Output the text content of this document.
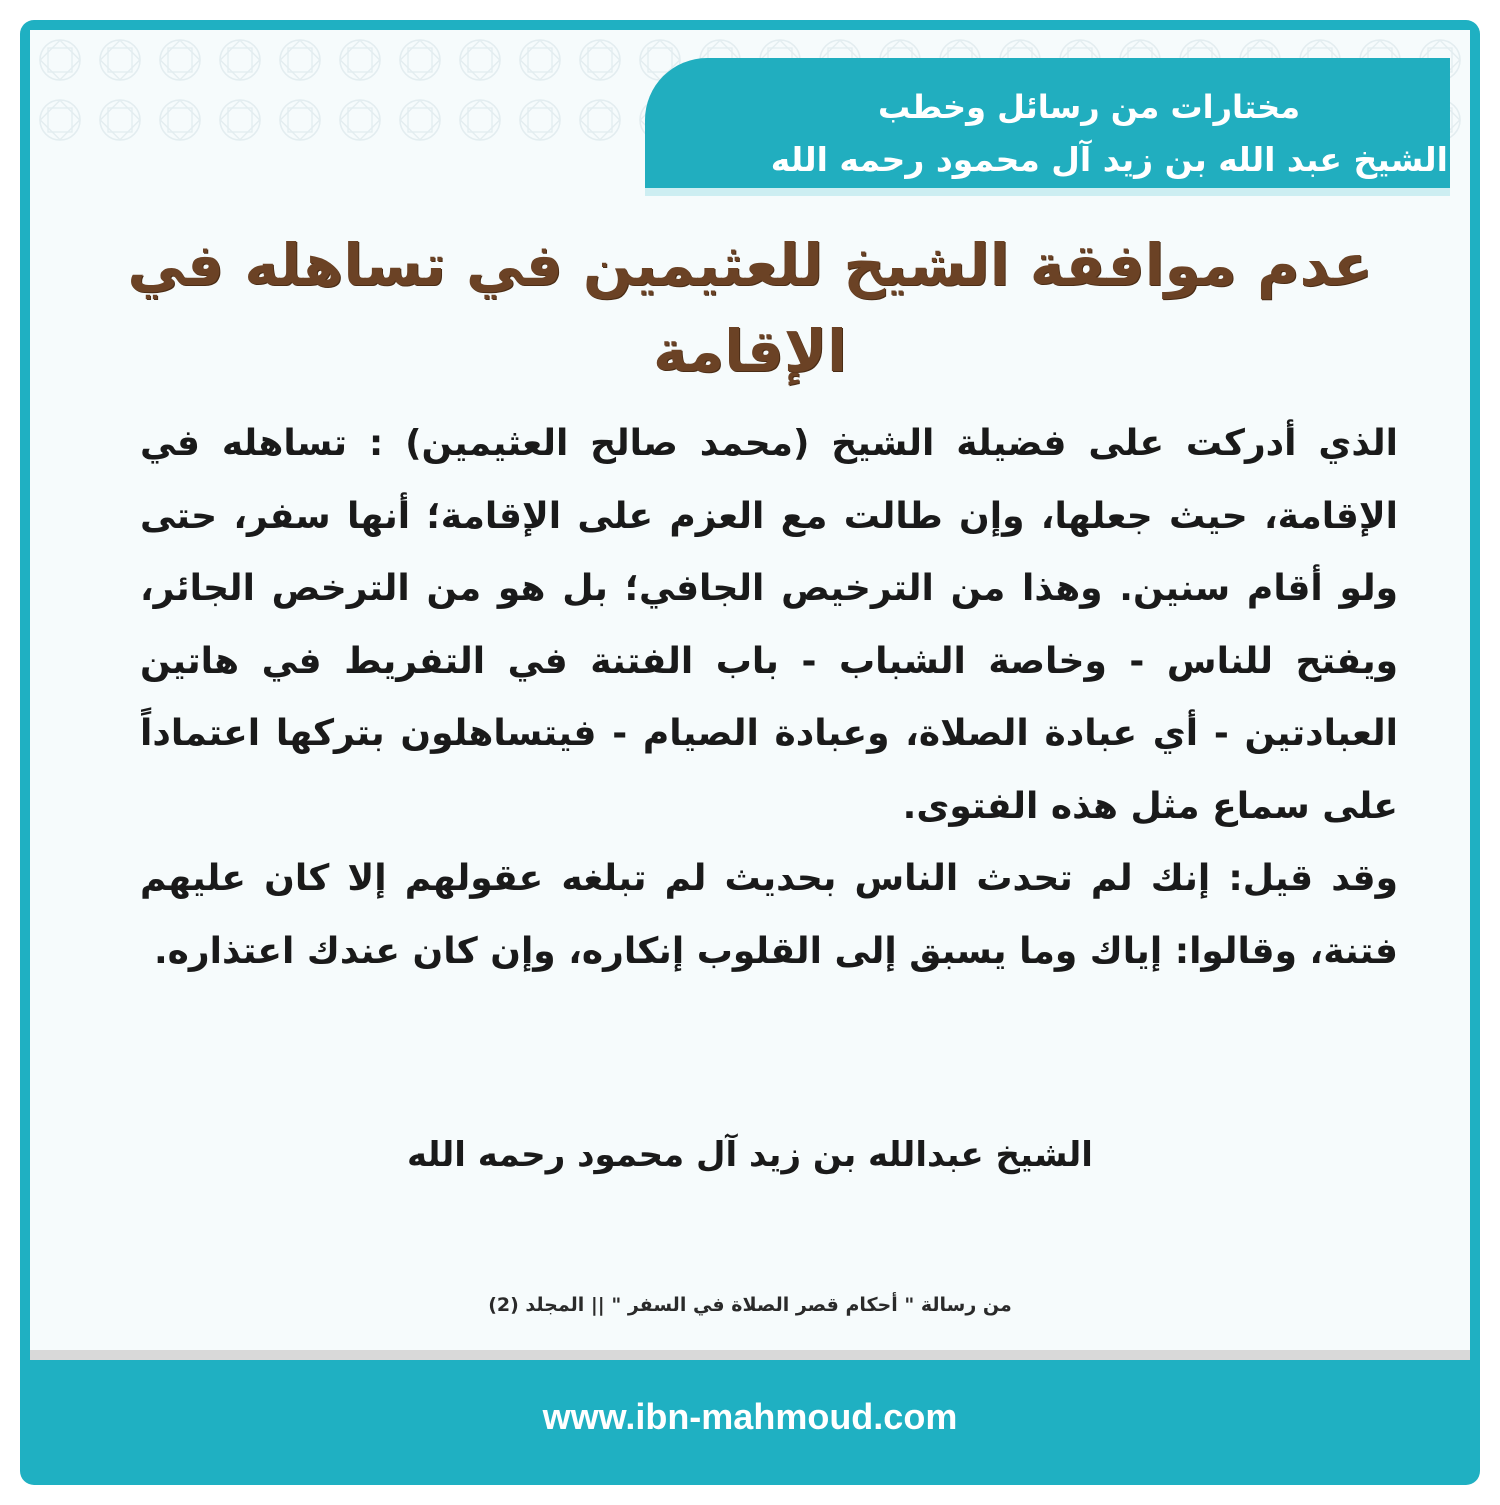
مختارات من رسائل وخطب
الشيخ عبد الله بن زيد آل محمود رحمه الله
عدم موافقة الشيخ للعثيمين في تساهله في الإقامة

الذي أدركت على فضيلة الشيخ (محمد صالح العثيمين) : تساهله في الإقامة، حيث جعلها، وإن طالت مع العزم على الإقامة؛ أنها سفر، حتى ولو أقام سنين. وهذا من الترخيص الجافي؛ بل هو من الترخص الجائر، ويفتح للناس - وخاصة الشباب - باب الفتنة في التفريط في هاتين العبادتين - أي عبادة الصلاة، وعبادة الصيام - فيتساهلون بتركها اعتماداً على سماع مثل هذه الفتوى.

وقد قيل: إنك لم تحدث الناس بحديث لم تبلغه عقولهم إلا كان عليهم فتنة، وقالوا: إياك وما يسبق إلى القلوب إنكاره، وإن كان عندك اعتذاره.

الشيخ عبدالله بن زيد آل محمود رحمه الله
من رسالة " أحكام قصر الصلاة في السفر " || المجلد (2)
www.ibn-mahmoud.com
